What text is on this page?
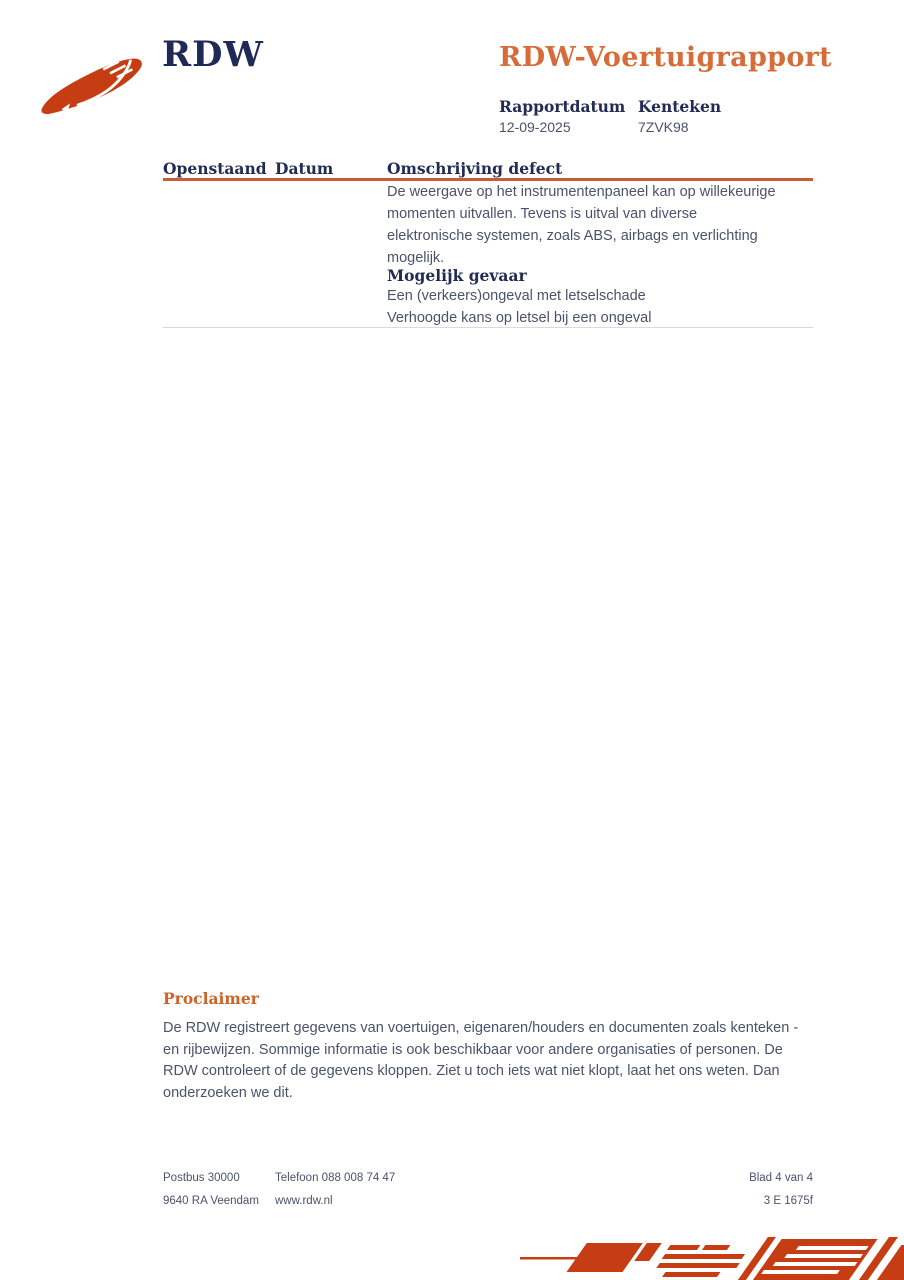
RDW	RDW-Voertuigrapport
Rapportdatum
12-09-2025
Kenteken
7ZVK98
Openstaand Datum	Omschrijving defect
De weergave op het instrumentenpaneel kan op willekeurige momenten uitvallen. Tevens is uitval van diverse elektronische systemen, zoals ABS, airbags en verlichting mogelijk.
Mogelijk gevaar
Een (verkeers)ongeval met letselschade
Verhoogde kans op letsel bij een ongeval
Proclaimer
De RDW registreert gegevens van voertuigen, eigenaren/houders en documenten zoals kenteken - en rijbewijzen. Sommige informatie is ook beschikbaar voor andere organisaties of personen. De RDW controleert of de gegevens kloppen. Ziet u toch iets wat niet klopt, laat het ons weten. Dan onderzoeken we dit.
Postbus 30000
9640 RA Veendam
Telefoon 088 008 74 47
www.rdw.nl
Blad 4 van 4
3 E 1675f
